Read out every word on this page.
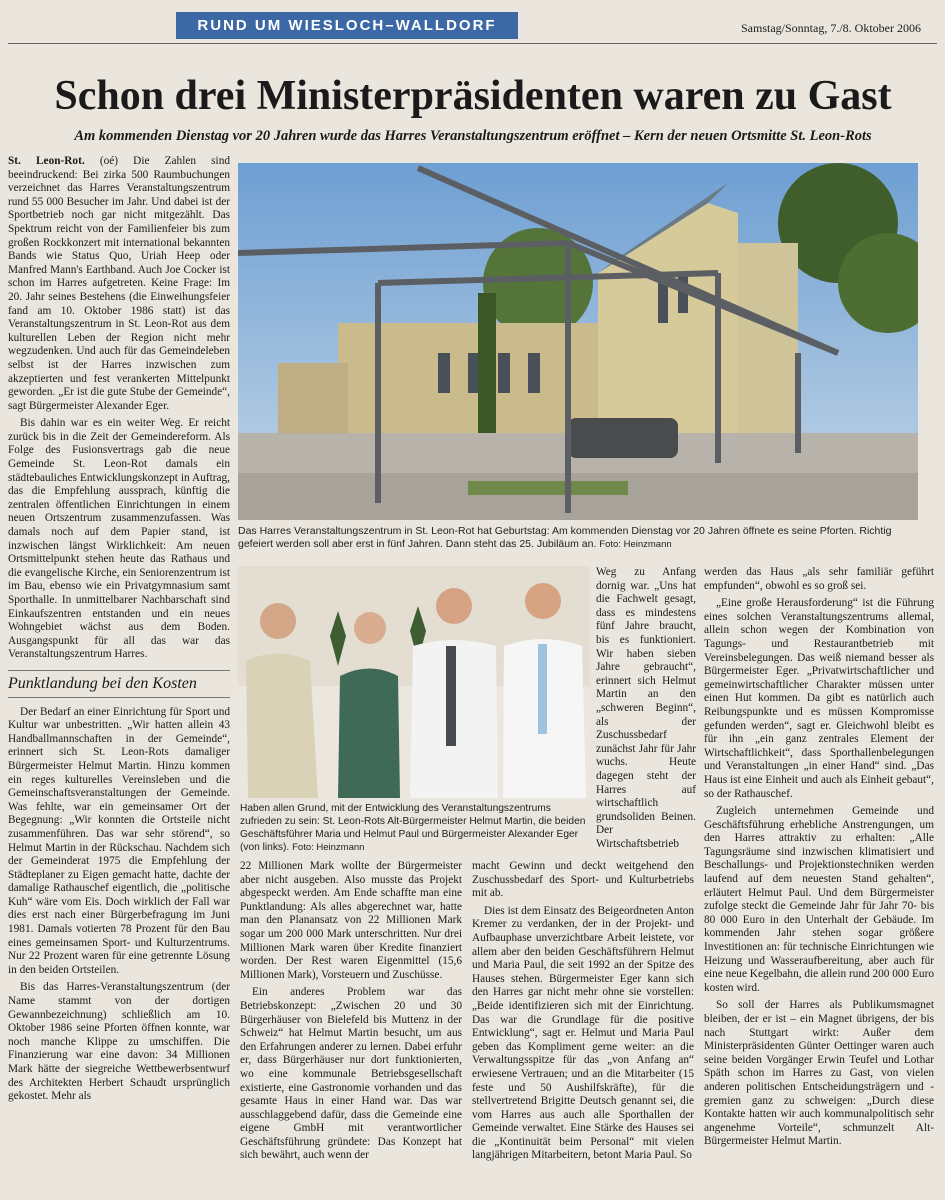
RUND UM WIESLOCH–WALLDORF	Samstag/Sonntag, 7./8. Oktober 2006
Schon drei Ministerpräsidenten waren zu Gast
Am kommenden Dienstag vor 20 Jahren wurde das Harres Veranstaltungszentrum eröffnet – Kern der neuen Ortsmitte St. Leon-Rots

St. Leon-Rot. (oé) Die Zahlen sind beeindruckend: Bei zirka 500 Raumbuchungen verzeichnet das Harres Veranstaltungszentrum rund 55 000 Besucher im Jahr. Und dabei ist der Sportbetrieb noch gar nicht mitgezählt. Das Spektrum reicht von der Familienfeier bis zum großen Rockkonzert mit international bekannten Bands wie Status Quo, Uriah Heep oder Manfred Mann's Earthband. Auch Joe Cocker ist schon im Harres aufgetreten. Keine Frage: Im 20. Jahr seines Bestehens (die Einweihungsfeier fand am 10. Oktober 1986 statt) ist das Veranstaltungszentrum in St. Leon-Rot aus dem kulturellen Leben der Region nicht mehr wegzudenken. Und auch für das Gemeindeleben selbst ist der Harres inzwischen zum akzeptierten und fest verankerten Mittelpunkt geworden. „Er ist die gute Stube der Gemeinde“, sagt Bürgermeister Alexander Eger.

Bis dahin war es ein weiter Weg. Er reicht zurück bis in die Zeit der Gemeindereform. Als Folge des Fusionsvertrags gab die neue Gemeinde St. Leon-Rot damals ein städtebauliches Entwicklungskonzept in Auftrag, das die Empfehlung aussprach, künftig die zentralen öffentlichen Einrichtungen in einem neuen Ortszentrum zusammenzufassen. Was damals noch auf dem Papier stand, ist inzwischen längst Wirklichkeit: Am neuen Ortsmittelpunkt stehen heute das Rathaus und die evangelische Kirche, ein Seniorenzentrum ist im Bau, ebenso wie ein Privatgymnasium samt Sporthalle. In unmittelbarer Nachbarschaft sind Einkaufszentren entstanden und ein neues Wohngebiet wächst aus dem Boden. Ausgangspunkt für all das war das Veranstaltungszentrum Harres.

Punktlandung bei den Kosten

Der Bedarf an einer Einrichtung für Sport und Kultur war unbestritten. „Wir hatten allein 43 Handballmannschaften in der Gemeinde“, erinnert sich St. Leon-Rots damaliger Bürgermeister Helmut Martin. Hinzu kommen ein reges kulturelles Vereinsleben und die Gemeinschaftsveranstaltungen der Gemeinde. Was fehlte, war ein gemeinsamer Ort der Begegnung: „Wir konnten die Ortsteile nicht zusammenführen. Das war sehr störend“, so Helmut Martin in der Rückschau. Nachdem sich der Gemeinderat 1975 die Empfehlung der Städteplaner zu Eigen gemacht hatte, dachte der damalige Rathauschef eigentlich, die „politische Kuh“ wäre vom Eis. Doch wirklich der Fall war dies erst nach einer Bürgerbefragung im Juni 1981. Damals votierten 78 Prozent für den Bau eines gemeinsamen Sport- und Kulturzentrums. Nur 22 Prozent waren für eine getrennte Lösung in den beiden Ortsteilen.

Bis das Harres-Veranstaltungszentrum (der Name stammt von der dortigen Gewannbezeichnung) schließlich am 10. Oktober 1986 seine Pforten öffnen konnte, war noch manche Klippe zu umschiffen. Die Finanzierung war eine davon: 34 Millionen Mark hätte der siegreiche Wettbewerbsentwurf des Architekten Herbert Schaudt ursprünglich gekostet. Mehr als

Das Harres Veranstaltungszentrum in St. Leon-Rot hat Geburtstag: Am kommenden Dienstag vor 20 Jahren öffnete es seine Pforten. Richtig gefeiert werden soll aber erst in fünf Jahren. Dann steht das 25. Jubiläum an. Foto: Heinzmann
Haben allen Grund, mit der Entwicklung des Veranstaltungszentrums zufrieden zu sein: St. Leon-Rots Alt-Bürgermeister Helmut Martin, die beiden Geschäftsführer Maria und Helmut Paul und Bürgermeister Alexander Eger (von links). Foto: Heinzmann

22 Millionen Mark wollte der Bürgermeister aber nicht ausgeben. Also musste das Projekt abgespeckt werden. Am Ende schaffte man eine Punktlandung: Als alles abgerechnet war, hatte man den Planansatz von 22 Millionen Mark sogar um 200 000 Mark unterschritten. Nur drei Millionen Mark waren über Kredite finanziert worden. Der Rest waren Eigenmittel (15,6 Millionen Mark), Vorsteuern und Zuschüsse.

Ein anderes Problem war das Betriebskonzept: „Zwischen 20 und 30 Bürgerhäuser von Bielefeld bis Muttenz in der Schweiz“ hat Helmut Martin besucht, um aus den Erfahrungen anderer zu lernen. Dabei erfuhr er, dass Bürgerhäuser nur dort funktionierten, wo eine kommunale Betriebsgesellschaft existierte, eine Gastronomie vorhanden und das gesamte Haus in einer Hand war. Das war ausschlaggebend dafür, dass die Gemeinde eine eigene GmbH mit verantwortlicher Geschäftsführung gründete: Das Konzept hat sich bewährt, auch wenn der

Weg zu Anfang dornig war. „Uns hat die Fachwelt gesagt, dass es mindestens fünf Jahre braucht, bis es funktioniert. Wir haben sieben Jahre gebraucht“, erinnert sich Helmut Martin an den „schweren Beginn“, als der Zuschussbedarf zunächst Jahr für Jahr wuchs. Heute dagegen steht der Harres auf wirtschaftlich grundsoliden Beinen. Der Wirtschaftsbetrieb

macht Gewinn und deckt weitgehend den Zuschussbedarf des Sport- und Kulturbetriebs mit ab.

Dies ist dem Einsatz des Beigeordneten Anton Kremer zu verdanken, der in der Projekt- und Aufbauphase unverzichtbare Arbeit leistete, vor allem aber den beiden Geschäftsführern Helmut und Maria Paul, die seit 1992 an der Spitze des Hauses stehen. Bürgermeister Eger kann sich den Harres gar nicht mehr ohne sie vorstellen: „Beide identifizieren sich mit der Einrichtung. Das war die Grundlage für die positive Entwicklung“, sagt er. Helmut und Maria Paul geben das Kompliment gerne weiter: an die Verwaltungsspitze für das „von Anfang an“ erwiesene Vertrauen; und an die Mitarbeiter (15 feste und 50 Aushilfskräfte), für die stellvertretend Brigitte Deutsch genannt sei, die vom Harres aus auch alle Sporthallen der Gemeinde verwaltet. Eine Stärke des Hauses sei die „Kontinuität beim Personal“ mit vielen langjährigen Mitarbeitern, betont Maria Paul. So

werden das Haus „als sehr familiär geführt empfunden“, obwohl es so groß sei.

„Eine große Herausforderung“ ist die Führung eines solchen Veranstaltungszentrums allemal, allein schon wegen der Kombination von Tagungs- und Restaurantbetrieb mit Vereinsbelegungen. Das weiß niemand besser als Bürgermeister Eger. „Privatwirtschaftlicher und gemeinwirtschaftlicher Charakter müssen unter einen Hut kommen. Da gibt es natürlich auch Reibungspunkte und es müssen Kompromisse gefunden werden“, sagt er. Gleichwohl bleibt es für ihn „ein ganz zentrales Element der Wirtschaftlichkeit“, dass Sporthallenbelegungen und Veranstaltungen „in einer Hand“ sind. „Das Haus ist eine Einheit und auch als Einheit gebaut“, so der Rathauschef.

Zugleich unternehmen Gemeinde und Geschäftsführung erhebliche Anstrengungen, um den Harres attraktiv zu erhalten: „Alle Tagungsräume sind inzwischen klimatisiert und Beschallungs- und Projektionstechniken werden laufend auf dem neuesten Stand gehalten“, erläutert Helmut Paul. Und dem Bürgermeister zufolge steckt die Gemeinde Jahr für Jahr 70- bis 80 000 Euro in den Unterhalt der Gebäude. Im kommenden Jahr stehen sogar größere Investitionen an: für technische Einrichtungen wie Heizung und Wasseraufbereitung, aber auch für eine neue Kegelbahn, die allein rund 200 000 Euro kosten wird.

So soll der Harres als Publikumsmagnet bleiben, der er ist – ein Magnet übrigens, der bis nach Stuttgart wirkt: Außer dem Ministerpräsidenten Günter Oettinger waren auch seine beiden Vorgänger Erwin Teufel und Lothar Späth schon im Harres zu Gast, von vielen anderen politischen Entscheidungsträgern und -gremien ganz zu schweigen: „Durch diese Kontakte hatten wir auch kommunalpolitisch sehr angenehme Vorteile“, schmunzelt Alt-Bürgermeister Helmut Martin.
